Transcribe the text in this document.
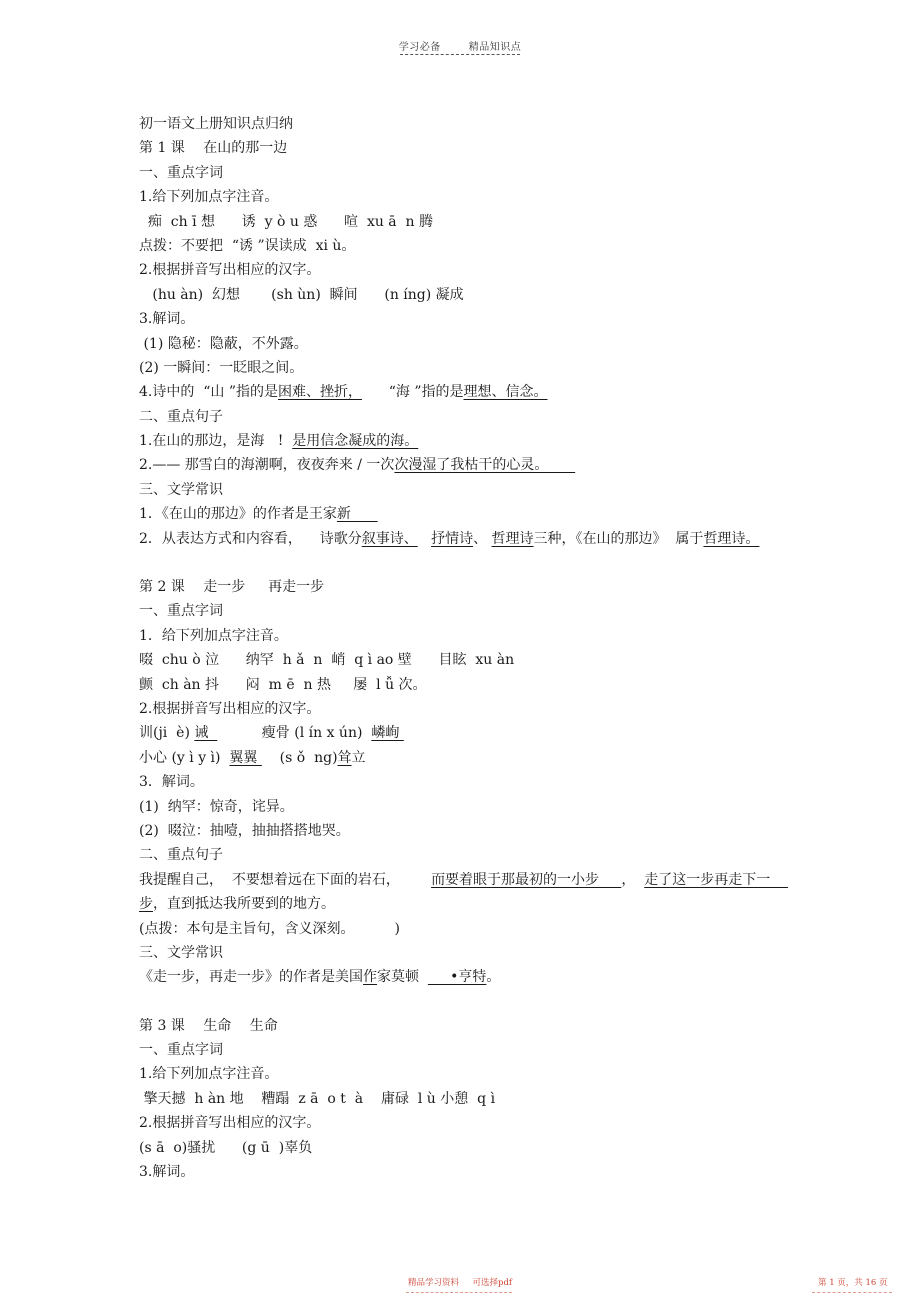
学习必备	精品知识点
初一语文上册知识点归纳
第 1 课　 在山的那一边
一、重点字词
1.给下列加点字注音。
痴  ch ī 想      诱  y ò u 惑      喧  xu ā  n 腾
点拨：不要把  “诱 ”误读成  xi ù。
2.根据拼音写出相应的汉字。
(hu àn)  幻想       (sh ùn)  瞬间      (n íng) 凝成
3.解词。
(1) 隐秘：隐蔽，不外露。
(2) 一瞬间：一眨眼之间。
4.诗中的  “山 ”指的是困难、挫折，      “海 ”指的是理想、信念。
二、重点句子
1.在山的那边，是海   !  是用信念凝成的海。
2.—— 那雪白的海潮啊，夜夜奔来 / 一次次漫湿了我枯干的心灵。
三、文学常识
1．《在山的那边》的作者是王家新
2．从表达方式和内容看，    诗歌分叙事诗、 抒情诗、 哲理诗三种，《在山的那边》  属于哲理诗。
第 2 课　 走一步　  再走一步
一、重点字词
1．给下列加点字注音。
啜  chu ò 泣      纳罕  h ǎ  n  峭  q ì ao 壁      目眩  xu àn
颤  ch àn 抖      闷  m ē  n 热     屡  l ǚ 次。
2.根据拼音写出相应的汉字。
训(ji  è) 诫            瘦骨 (l ín x ún)  嶙峋
小心 (y ì y ì)  翼翼     (s ǒ  ng)耸立
3．解词。
(1)  纳罕：惊奇，诧异。
(2)  啜泣：抽噎，抽抽搭搭地哭。
二、重点句子
我提醒自己，  不要想着远在下面的岩石，       而要着眼于那最初的一小步     ，  走了这一步再走下一
步，直到抵达我所要到的地方。
(点拨：本句是主旨句，含义深刻。         )
三、文学常识
《走一步，再走一步》的作者是美国作家莫顿       •亨特。
第 3 课　 生命　 生命
一、重点字词
1.给下列加点字注音。
擎天撼  h àn 地    糟蹋  z ā  o t  à    庸碌  l ù 小憩  q ì
2.根据拼音写出相应的汉字。
(s ā  o)骚扰      (g ū  )辜负
3.解词。
精品学习资料     可选择pdf	第 1 页，共 16 页
